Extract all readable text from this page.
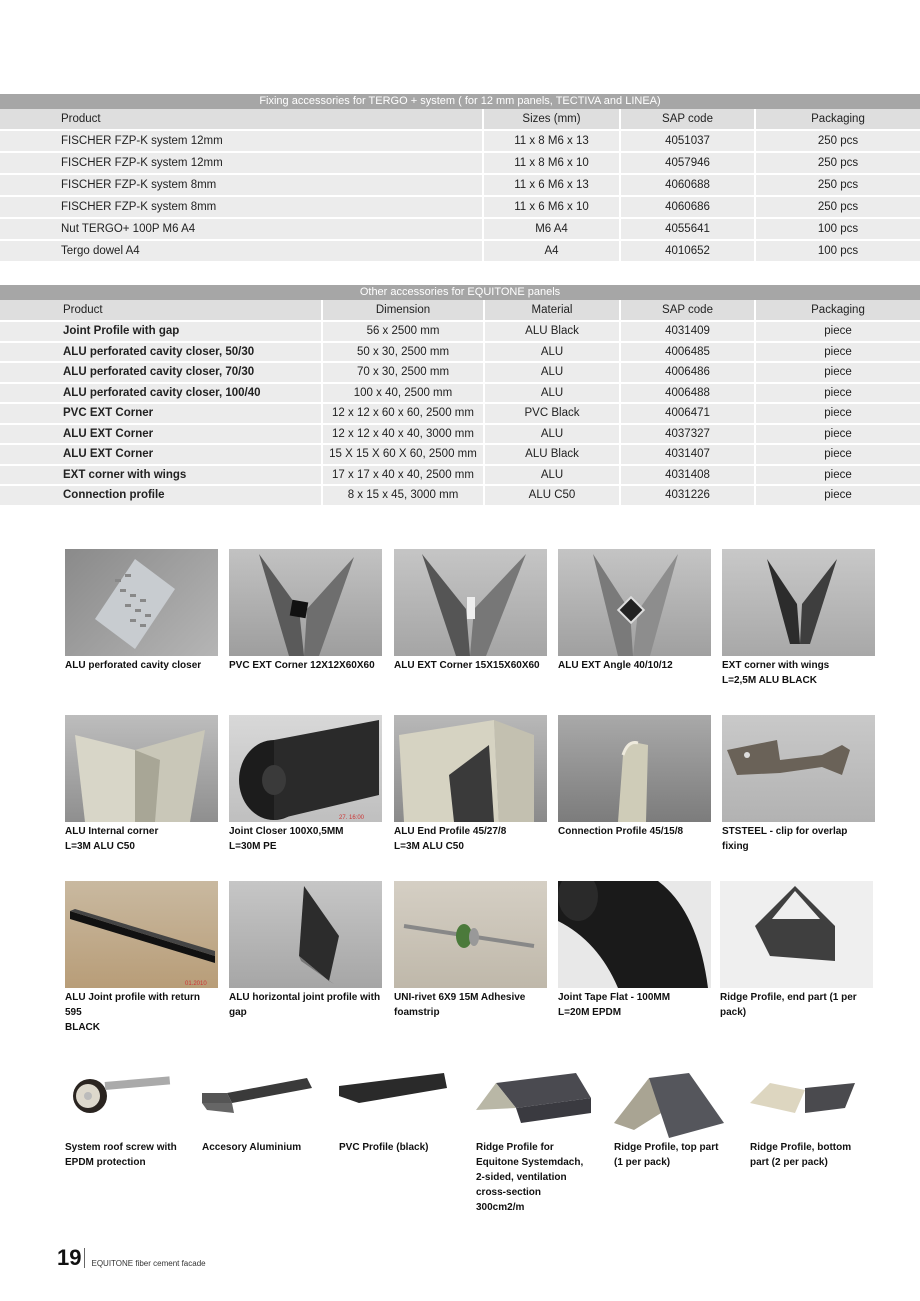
Fixing accessories for TERGO + system ( for 12 mm panels, TECTIVA and LINEA)
Product	Sizes (mm)	SAP code	Packaging
FISCHER FZP-K system 12mm	11 x 8 M6 x 13	4051037	250 pcs
FISCHER FZP-K system 12mm	11 x 8 M6 x 10	4057946	250 pcs
FISCHER FZP-K system 8mm	11 x 6 M6 x 13	4060688	250 pcs
FISCHER FZP-K system 8mm	11 x 6 M6 x 10	4060686	250 pcs
Nut TERGO+ 100P M6 A4	M6 A4	4055641	100 pcs
Tergo dowel A4	A4	4010652	100 pcs
Other accessories for EQUITONE panels
Product	Dimension	Material	SAP code	Packaging
Joint Profile with gap	56 x 2500 mm	ALU Black	4031409	piece
ALU perforated cavity closer, 50/30	50 x 30, 2500 mm	ALU	4006485	piece
ALU perforated cavity closer, 70/30	70 x 30, 2500 mm	ALU	4006486	piece
ALU perforated cavity closer, 100/40	100 x 40, 2500 mm	ALU	4006488	piece
PVC EXT Corner	12 x 12 x 60 x 60, 2500 mm	PVC Black	4006471	piece
ALU EXT Corner	12 x 12 x 40 x 40, 3000 mm	ALU	4037327	piece
ALU EXT Corner	15 X 15 X 60 X 60, 2500 mm	ALU Black	4031407	piece
EXT corner with wings	17 x 17 x 40 x 40, 2500 mm	ALU	4031408	piece
Connection profile	8 x 15 x 45, 3000 mm	ALU C50	4031226	piece
ALU perforated cavity closer	PVC EXT Corner 12X12X60X60	ALU EXT Corner 15X15X60X60	ALU EXT Angle 40/10/12	EXT corner with wings
L=2,5M ALU BLACK
ALU Internal corner
L=3M ALU C50
27. 16:00
Joint Closer 100X0,5MM
L=30M PE
ALU End Profile 45/27/8
L=3M ALU C50
Connection Profile 45/15/8	STSTEEL - clip for overlap fixing
01.2010
ALU Joint profile with return 595
BLACK
ALU horizontal joint profile with
gap
UNI-rivet 6X9 15M Adhesive
foamstrip
Joint Tape Flat - 100MM
L=20M EPDM
Ridge Profile, end part (1 per
pack)
System roof screw with
EPDM protection
Accesory Aluminium	PVC Profile (black)	Ridge Profile for
Equitone Systemdach,
2-sided, ventilation
cross-section
300cm2/m
Ridge Profile, top part
(1 per pack)
Ridge Profile, bottom
part (2 per pack)
19 EQUITONE fiber cement facade
